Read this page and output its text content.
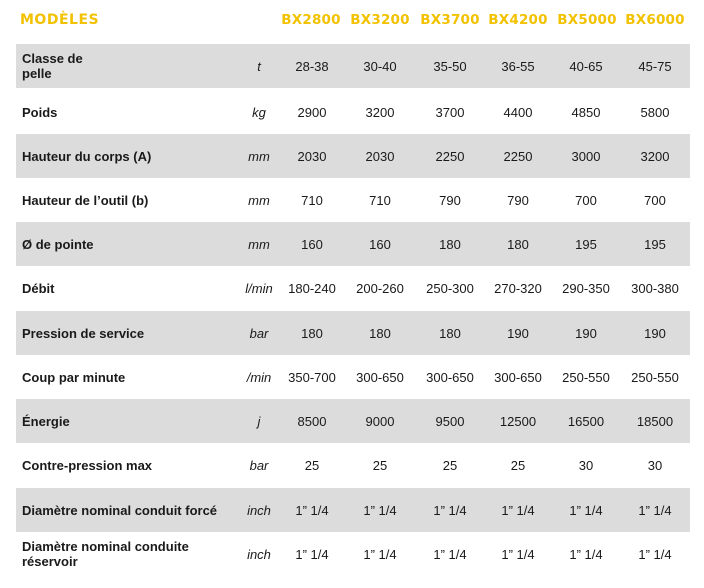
MODÈLES	BX2800 BX3200 BX3700 BX4200 BX5000 BX6000
Classe de pelle	t	28-38	30-40	35-50	36-55	40-65	45-75
Poids	kg	2900	3200	3700	4400	4850	5800
Hauteur du corps (A)	mm	2030	2030	2250	2250	3000	3200
Hauteur de l’outil (b)	mm	710	710	790	790	700	700
Ø de pointe	mm	160	160	180	180	195	195
Débit	l/min	180-240	200-260	250-300	270-320	290-350	300-380
Pression de service	bar	180	180	180	190	190	190
Coup par minute	/min	350-700	300-650	300-650	300-650	250-550	250-550
Énergie	j	8500	9000	9500	12500	16500	18500
Contre-pression max	bar	25	25	25	25	30	30
Diamètre nominal conduit forcé	inch	1” 1/4	1” 1/4	1” 1/4	1” 1/4	1” 1/4	1” 1/4
Diamètre nominal conduite réservoir	inch	1” 1/4	1” 1/4	1” 1/4	1” 1/4	1” 1/4	1” 1/4
